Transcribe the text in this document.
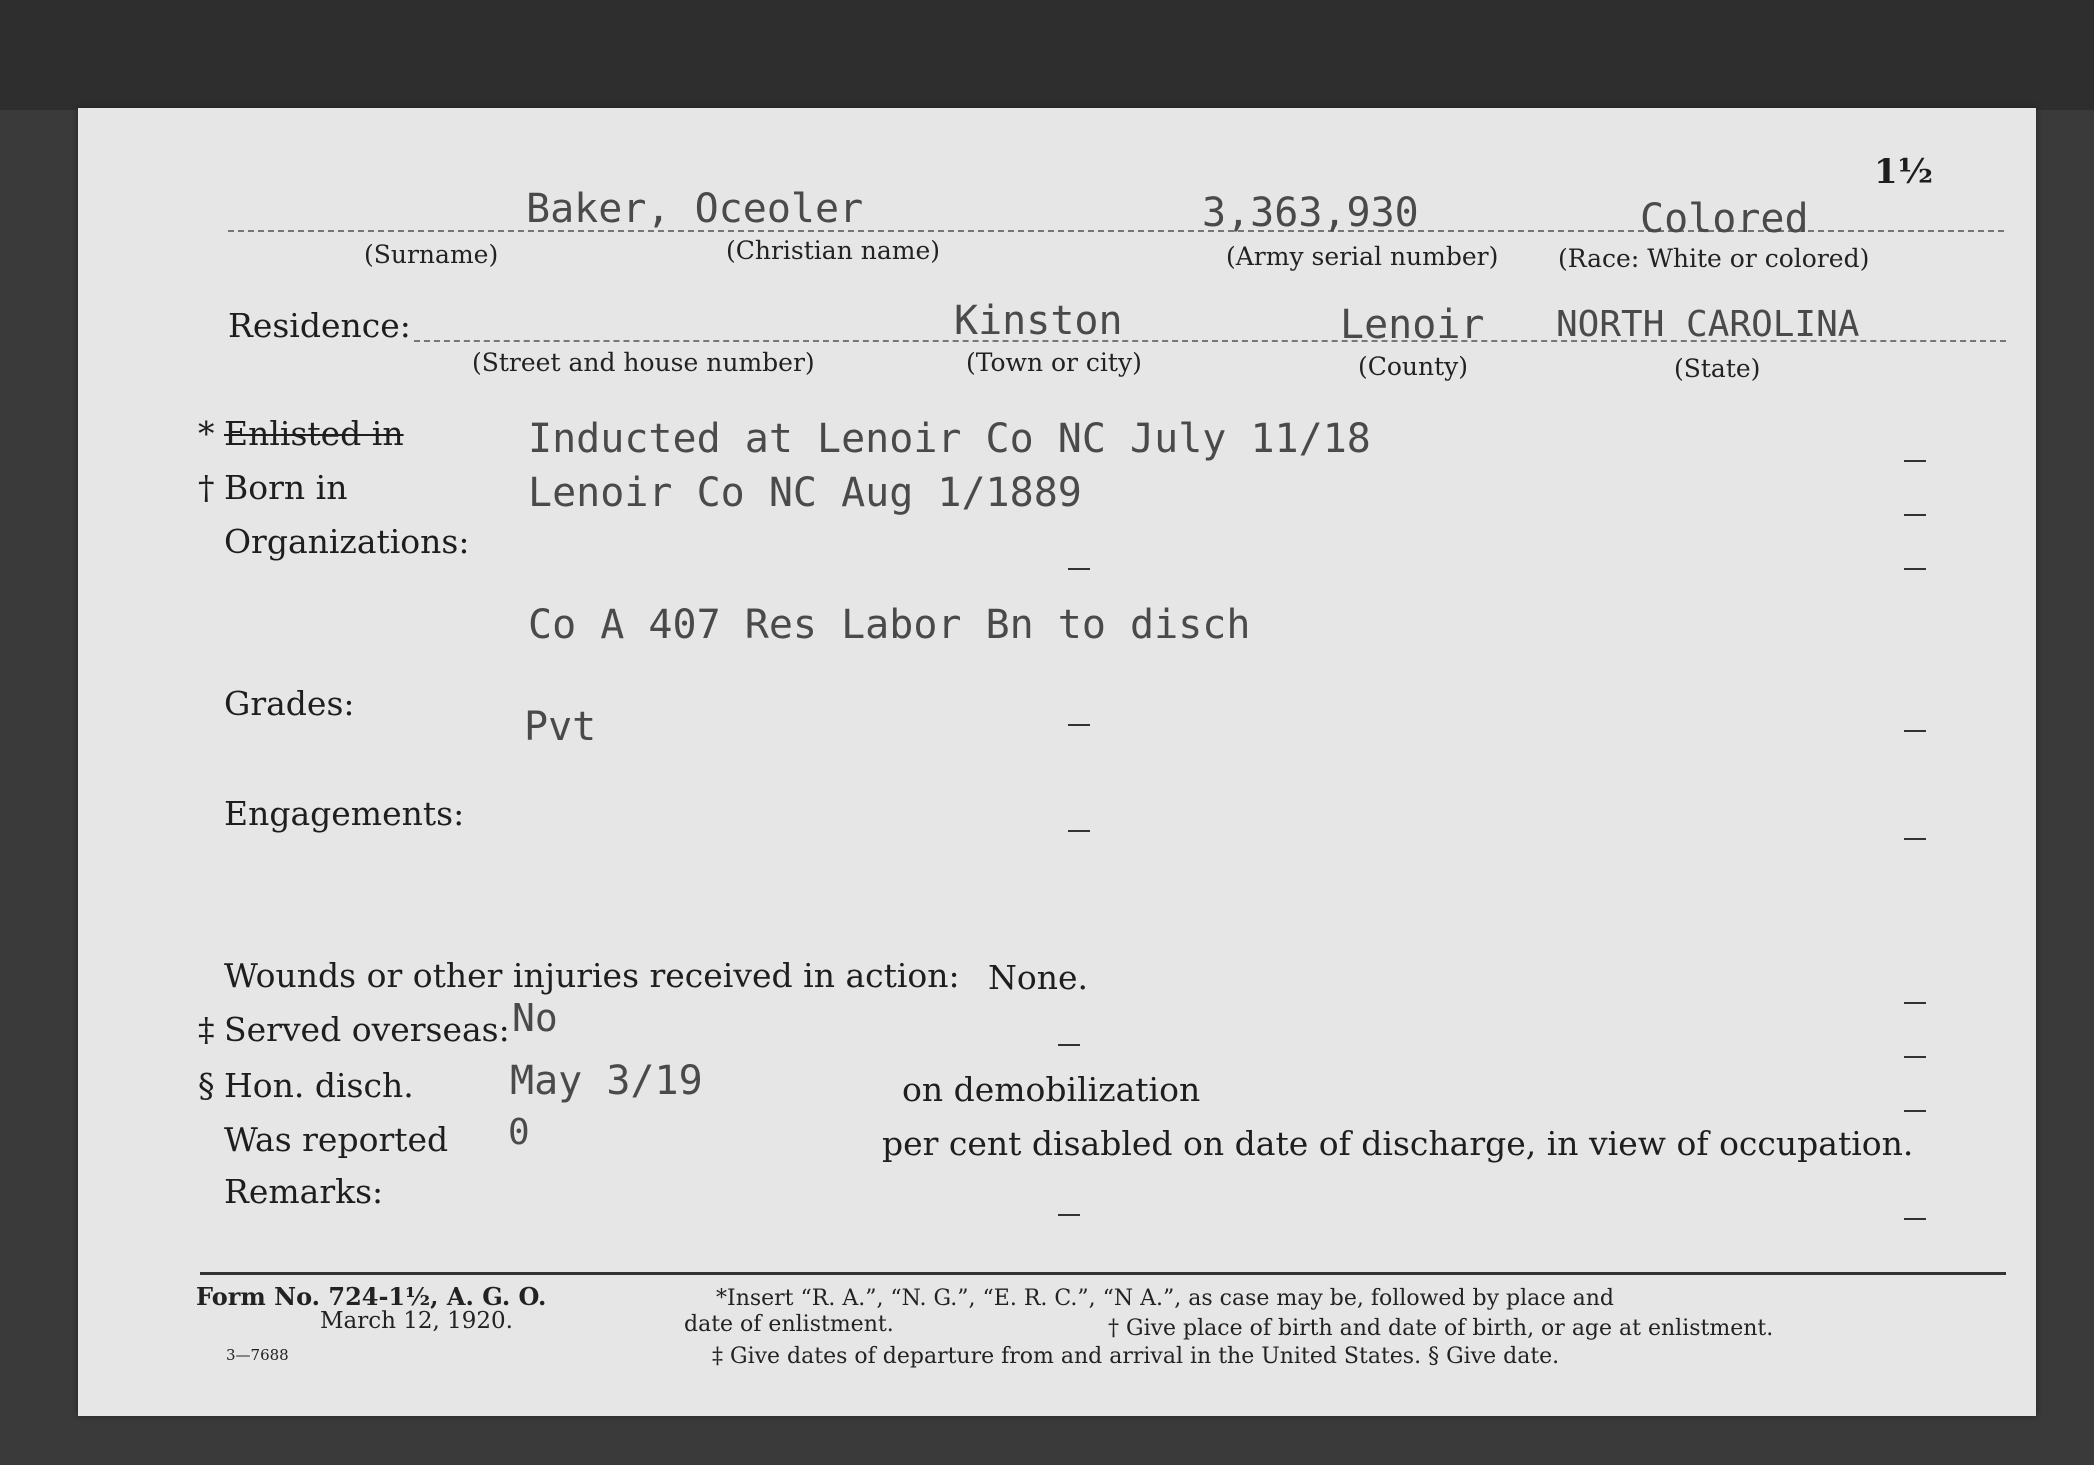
1½
Baker, Oceoler	3,363,930	Colored
(Surname)	(Christian name)	(Army serial number) (Race: White or colored)
Residence:	Kinston	Lenoir NORTH CAROLINA
(Street and house number)	(Town or city)	(County)	(State)
* Enlisted in	Inducted at Lenoir Co NC July 11/18
† Born in	Lenoir Co NC Aug 1/1889
Organizations:
Co A 407 Res Labor Bn to disch
Grades:
Pvt
Engagements:
Wounds or other injuries received in action: None.
‡ Served overseas: No
§ Hon. disch. May 3/19	on demobilization
Was reported 0	per cent disabled on date of discharge, in view of occupation.
Remarks:
Form No. 724-1½, A. G. O.
March 12, 1920.
3—7688
*Insert “R. A.”, “N. G.”, “E. R. C.”, “N A.”, as case may be, followed by place and
date of enlistment.	† Give place of birth and date of birth, or age at enlistment.
‡ Give dates of departure from and arrival in the United States. § Give date.
